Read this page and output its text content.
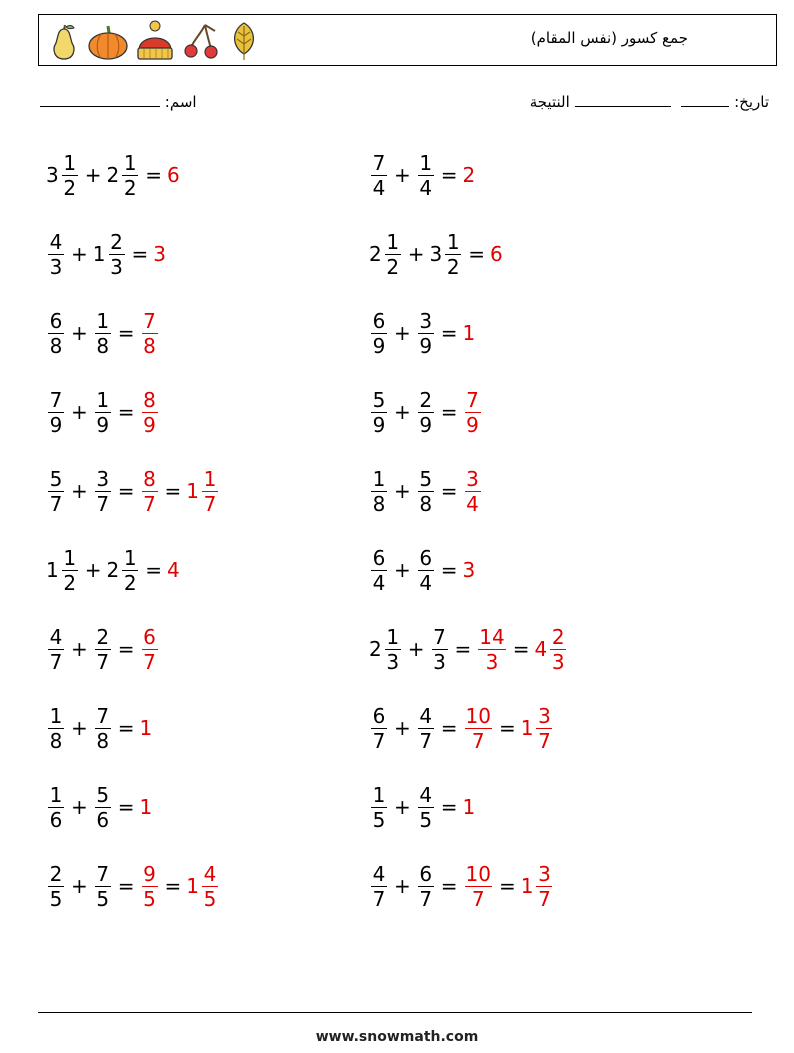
جمع كسور (نفس المقام)
اسم:	تاريخ:   النتيجة
$3 \frac{1}{2} + 2 \frac{1}{2} = 6$
$\frac{4}{3} + 1 \frac{2}{3} = 3$
$\frac{6}{8} + \frac{1}{8} = \frac{7}{8}$
$\frac{7}{9} + \frac{1}{9} = \frac{8}{9}$
$\frac{5}{7} + \frac{3}{7} = \frac{8}{7} = 1 \frac{1}{7}$
$1 \frac{1}{2} + 2 \frac{1}{2} = 4$
$\frac{4}{7} + \frac{2}{7} = \frac{6}{7}$
$\frac{1}{8} + \frac{7}{8} = 1$
$\frac{1}{6} + \frac{5}{6} = 1$
$\frac{2}{5} + \frac{7}{5} = \frac{9}{5} = 1 \frac{4}{5}$
$\frac{7}{4} + \frac{1}{4} = 2$
$2 \frac{1}{2} + 3 \frac{1}{2} = 6$
$\frac{6}{9} + \frac{3}{9} = 1$
$\frac{5}{9} + \frac{2}{9} = \frac{7}{9}$
$\frac{1}{8} + \frac{5}{8} = \frac{3}{4}$
$\frac{6}{4} + \frac{6}{4} = 3$
$2 \frac{1}{3} + \frac{7}{3} = \frac{14}{3} = 4 \frac{2}{3}$
$\frac{6}{7} + \frac{4}{7} = \frac{10}{7} = 1 \frac{3}{7}$
$\frac{1}{5} + \frac{4}{5} = 1$
$\frac{4}{7} + \frac{6}{7} = \frac{10}{7} = 1 \frac{3}{7}$
www.snowmath.com
